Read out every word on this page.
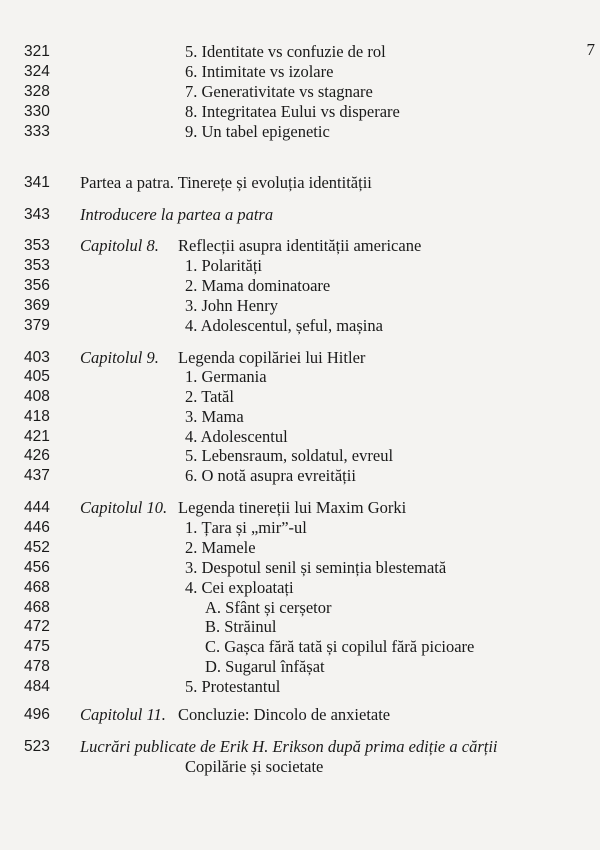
7
321	5. Identitate vs confuzie de rol
324	6. Intimitate vs izolare
328	7. Generativitate vs stagnare
330	8. Integritatea Eului vs disperare
333	9. Un tabel epigenetic
341 Partea a patra. Tinerețe și evoluția identității
343 Introducere la partea a patra
353 Capitolul 8. Reflecții asupra identității americane
353	1. Polarități
356	2. Mama dominatoare
369	3. John Henry
379	4. Adolescentul, șeful, mașina
403 Capitolul 9. Legenda copilăriei lui Hitler
405	1. Germania
408	2. Tatăl
418	3. Mama
421	4. Adolescentul
426	5. Lebensraum, soldatul, evreul
437	6. O notă asupra evreității
444 Capitolul 10. Legenda tinereții lui Maxim Gorki
446	1. Țara și „mir”-ul
452	2. Mamele
456	3. Despotul senil și seminția blestemată
468	4. Cei exploatați
468	A. Sfânt și cerșetor
472	B. Străinul
475	C. Gașca fără tată și copilul fără picioare
478	D. Sugarul înfășat
484	5. Protestantul
496 Capitolul 11. Concluzie: Dincolo de anxietate
523 Lucrări publicate de Erik H. Erikson după prima ediție a cărții
Copilărie și societate
